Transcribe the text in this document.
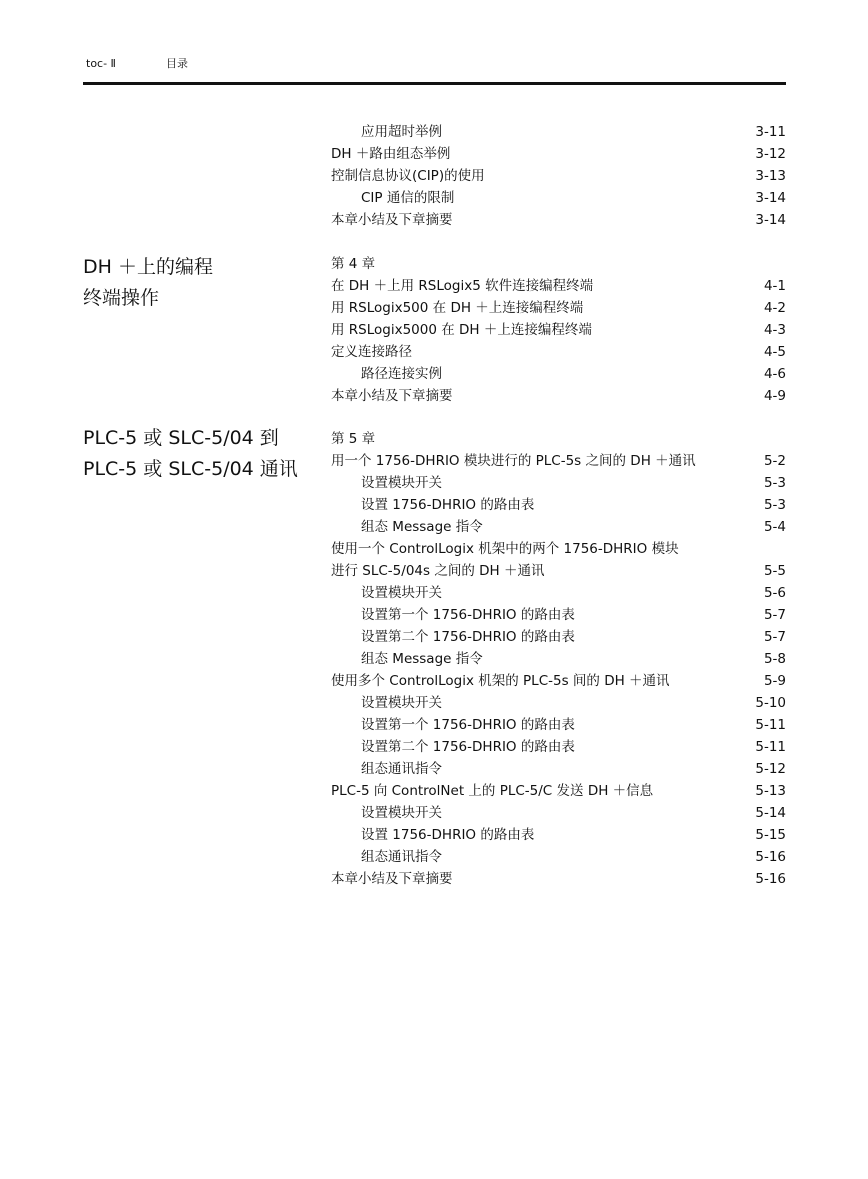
toc- Ⅱ	目录
应用超时举例	3-11
DH ＋路由组态举例	3-12
控制信息协议(CIP)的使用	3-13
CIP 通信的限制	3-14
本章小结及下章摘要	3-14
DH ＋上的编程
终端操作
第 4 章
在 DH ＋上用 RSLogix5 软件连接编程终端	4-1
用 RSLogix500 在 DH ＋上连接编程终端	4-2
用 RSLogix5000 在 DH ＋上连接编程终端	4-3
定义连接路径	4-5
路径连接实例	4-6
本章小结及下章摘要	4-9
PLC-5 或 SLC-5/04 到
PLC-5 或 SLC-5/04 通讯
第 5 章
用一个 1756-DHRIO 模块进行的 PLC-5s 之间的 DH ＋通讯	5-2
设置模块开关	5-3
设置 1756-DHRIO 的路由表	5-3
组态 Message 指令	5-4
使用一个 ControlLogix 机架中的两个 1756-DHRIO 模块
进行 SLC-5/04s 之间的 DH ＋通讯	5-5
设置模块开关	5-6
设置第一个 1756-DHRIO 的路由表	5-7
设置第二个 1756-DHRIO 的路由表	5-7
组态 Message 指令	5-8
使用多个 ControlLogix 机架的 PLC-5s 间的 DH ＋通讯	5-9
设置模块开关	5-10
设置第一个 1756-DHRIO 的路由表	5-11
设置第二个 1756-DHRIO 的路由表	5-11
组态通讯指令	5-12
PLC-5 向 ControlNet 上的 PLC-5/C 发送 DH ＋信息	5-13
设置模块开关	5-14
设置 1756-DHRIO 的路由表	5-15
组态通讯指令	5-16
本章小结及下章摘要	5-16
